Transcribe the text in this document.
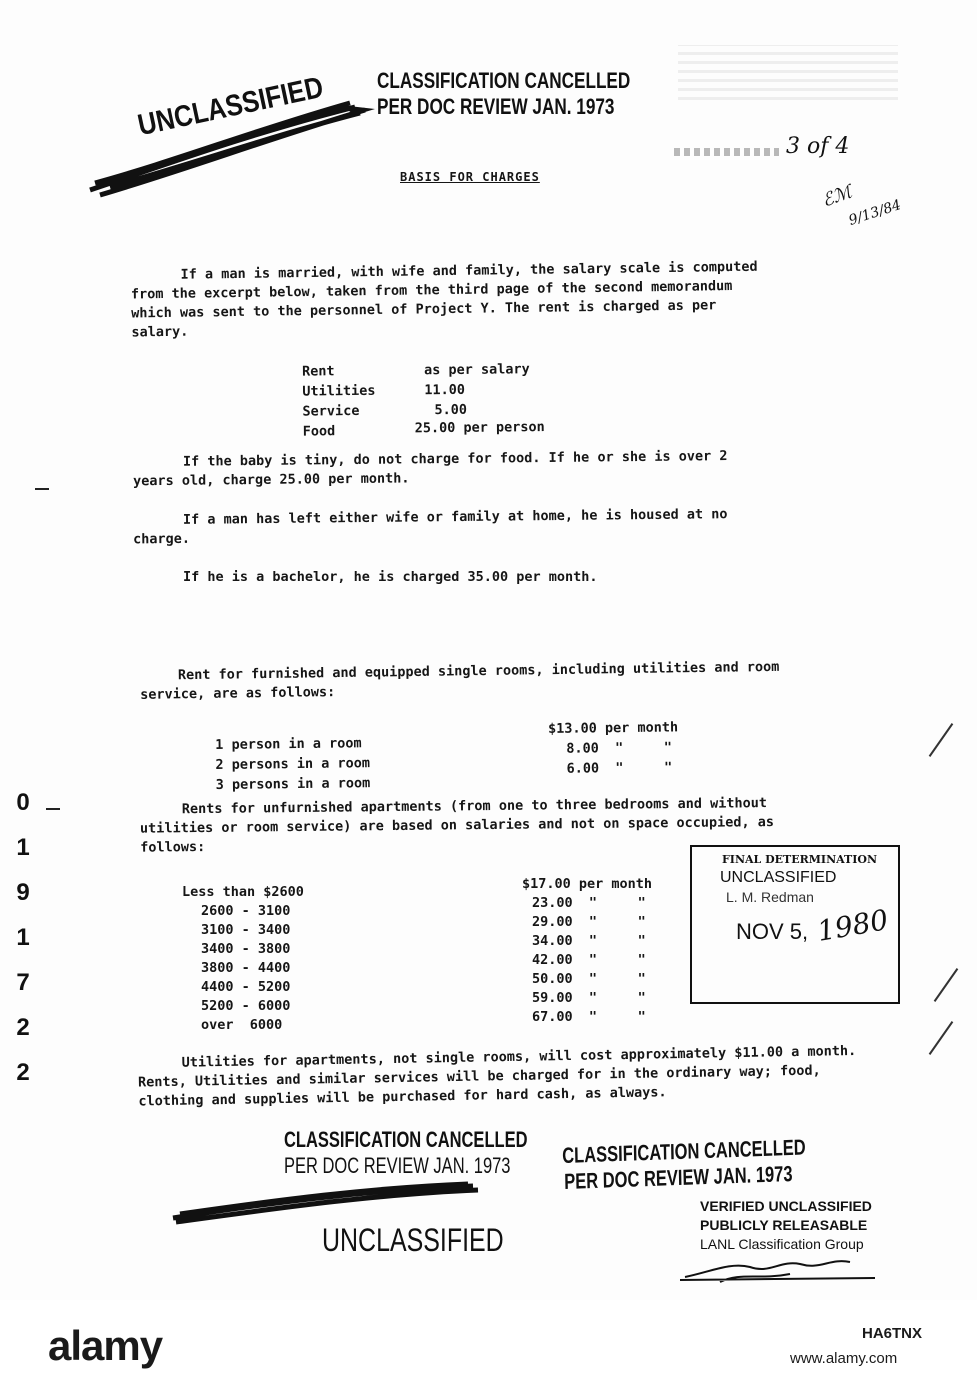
UNCLASSIFIED CLASSIFICATION CANCELLED
PER DOC REVIEW JAN. 1973
3 of 4
ℰℳ
9/13/84
BASIS FOR CHARGES
If a man is married, with wife and family, the salary scale is computed from the excerpt below, taken from the third page of the second memorandum which was sent to the personnel of Project Y. The rent is charged as per salary.
Rent	as per salary
Utilities	11.00
Service	5.00
Food	25.00 per person
If the baby is tiny, do not charge for food. If he or she is over 2 years old, charge 25.00 per month.
If a man has left either wife or family at home, he is housed at no charge.
If he is a bachelor, he is charged 35.00 per month.
Rent for furnished and equipped single rooms, including utilities and room service, are as follows:
1 person in a room
$13.00 per month
2 persons in a room
8.00  "     "
3 persons in a room
6.00  "     "
Rents for unfurnished apartments (from one to three bedrooms and without utilities or room service) are based on salaries and not on space occupied, as follows:
Less than $2600	$17.00 per month
2600 - 3100	23.00  "     "
3100 - 3400	29.00  "     "
3400 - 3800	34.00  "     "
3800 - 4400	42.00  "     "
4400 - 5200	50.00  "     "
5200 - 6000	59.00  "     "
over  6000	67.00  "     "
FINAL DETERMINATION
UNCLASSIFIED
L. M. Redman
NOV 5, 1980
Utilities for apartments, not single rooms, will cost approximately $11.00 a month. Rents, Utilities and similar services will be charged for in the ordinary way; food, clothing and supplies will be purchased for hard cash, as always.
CLASSIFICATION CANCELLED
PER DOC REVIEW JAN. 1973 CLASSIFICATION CANCELLED
PER DOC REVIEW JAN. 1973
UNCLASSIFIED
VERIFIED UNCLASSIFIED
PUBLICLY RELEASABLE
LANL Classification Group
0
1
9
1
7
2
2
alamy	HA6TNX
www.alamy.com
